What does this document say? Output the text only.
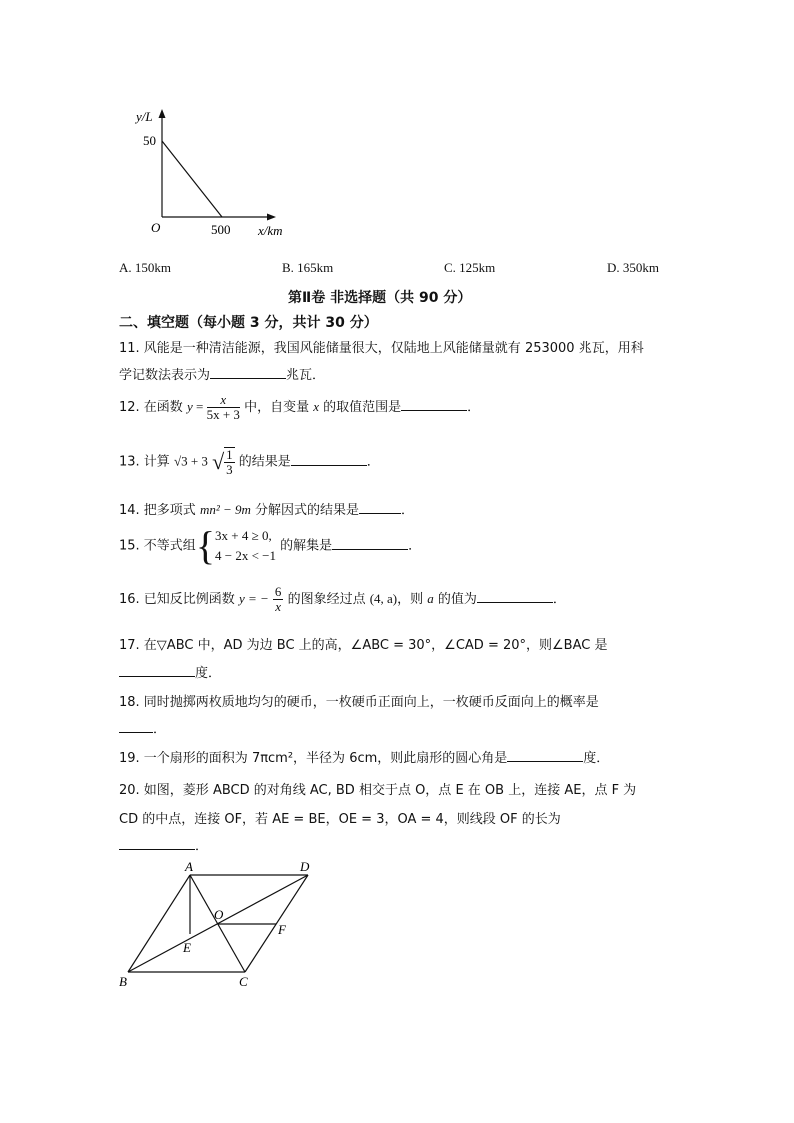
y/L
50
O	500 x/km
A. 150km	B. 165km	C. 125km	D. 350km
第Ⅱ卷 非选择题（共 90 分）
二、填空题（每小题 3 分，共计 30 分）
11. 风能是一种清洁能源，我国风能储量很大，仅陆地上风能储量就有 253000 兆瓦，用科
学记数法表示为	兆瓦．
12. 在函数 $y = \frac{x}{5x + 3}$ 中，自变量 x 的取值范围是	．
13. 计算 √3 + 3 √ $\frac{1}{3}$ 的结果是	．
14. 把多项式 mn² − 9m 分解因式的结果是	．
15. 不等式组{ 3x + 4 ≥ 0,
4 − 2x < −1
的解集是	．
16. 已知反比例函数 y = − $\frac{6}{x}$ 的图象经过点 (4, a)，则 a 的值为	．
17. 在▽ABC 中，AD 为边 BC 上的高，∠ABC = 30°，∠CAD = 20°，则∠BAC 是
度．
18. 同时抛掷两枚质地均匀的硬币，一枚硬币正面向上，一枚硬币反面向上的概率是
．
19. 一个扇形的面积为 7πcm²，半径为 6cm，则此扇形的圆心角是	度．
20. 如图，菱形 ABCD 的对角线 AC, BD 相交于点 O，点 E 在 OB 上，连接 AE，点 F 为
CD 的中点，连接 OF，若 AE = BE，OE = 3，OA = 4，则线段 OF 的长为
．
A	D
O
F
E
B	C
